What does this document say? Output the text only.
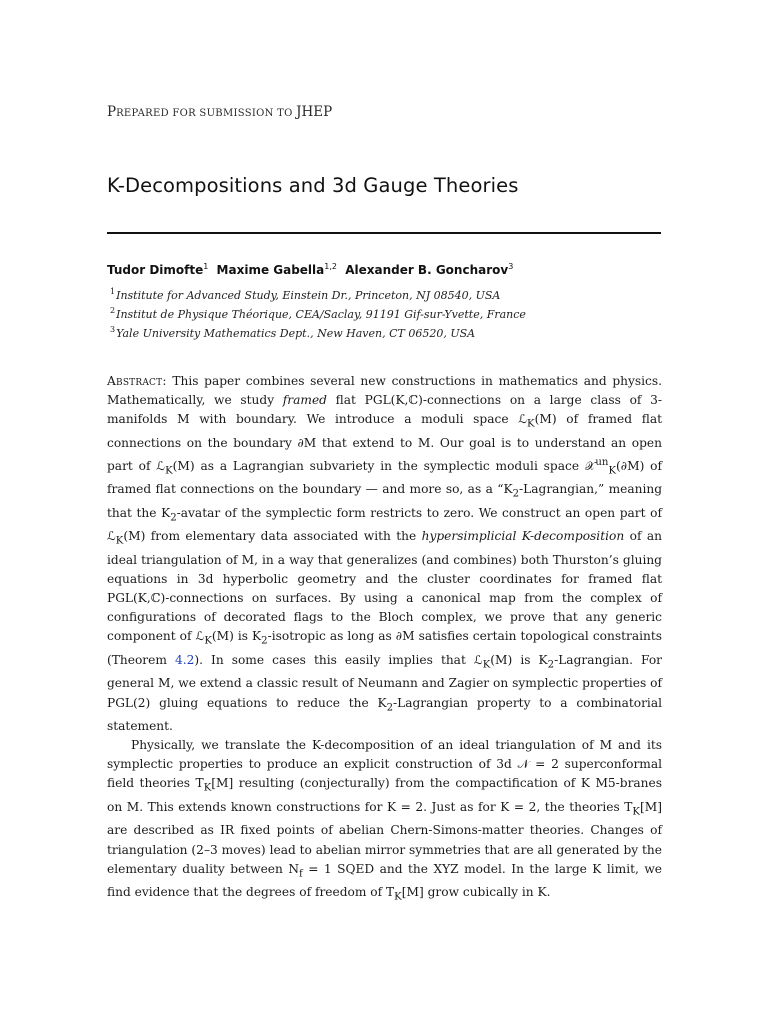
PREPARED FOR SUBMISSION TO JHEP
K-Decompositions and 3d Gauge Theories
Tudor Dimofte$^1$ Maxime Gabella$^{1,2}$ Alexander B. Goncharov$^3$
$^1$Institute for Advanced Study, Einstein Dr., Princeton, NJ 08540, USA
$^2$Institut de Physique Théorique, CEA/Saclay, 91191 Gif-sur-Yvette, France
$^3$Yale University Mathematics Dept., New Haven, CT 06520, USA

Abstract: This paper combines several new constructions in mathematics and physics. Mathematically, we study framed flat PGL(K,ℂ)-connections on a large class of 3-manifolds M with boundary. We introduce a moduli space ℒ$_K$(M) of framed flat connections on the boundary ∂M that extend to M. Our goal is to understand an open part of ℒ$_K$(M) as a Lagrangian subvariety in the symplectic moduli space 𝒳$^{un}_K$(∂M) of framed flat connections on the boundary — and more so, as a “$K_2$-Lagrangian,” meaning that the $K_2$-avatar of the symplectic form restricts to zero. We construct an open part of ℒ$_K$(M) from elementary data associated with the hypersimplicial K-decomposition of an ideal triangulation of M, in a way that generalizes (and combines) both Thurston’s gluing equations in 3d hyperbolic geometry and the cluster coordinates for framed flat PGL(K,ℂ)-connections on surfaces. By using a canonical map from the complex of configurations of decorated flags to the Bloch complex, we prove that any generic component of ℒ$_K$(M) is $K_2$-isotropic as long as ∂M satisfies certain topological constraints (Theorem 4.2). In some cases this easily implies that ℒ$_K$(M) is $K_2$-Lagrangian. For general M, we extend a classic result of Neumann and Zagier on symplectic properties of PGL(2) gluing equations to reduce the $K_2$-Lagrangian property to a combinatorial statement.

Physically, we translate the K-decomposition of an ideal triangulation of M and its symplectic properties to produce an explicit construction of 3d 𝒩 = 2 superconformal field theories $T_K[M]$ resulting (conjecturally) from the compactification of K M5-branes on M. This extends known constructions for K = 2. Just as for K = 2, the theories $T_K[M]$ are described as IR fixed points of abelian Chern-Simons-matter theories. Changes of triangulation (2–3 moves) lead to abelian mirror symmetries that are all generated by the elementary duality between $N_f = 1$ SQED and the XYZ model. In the large K limit, we find evidence that the degrees of freedom of $T_K[M]$ grow cubically in K.
